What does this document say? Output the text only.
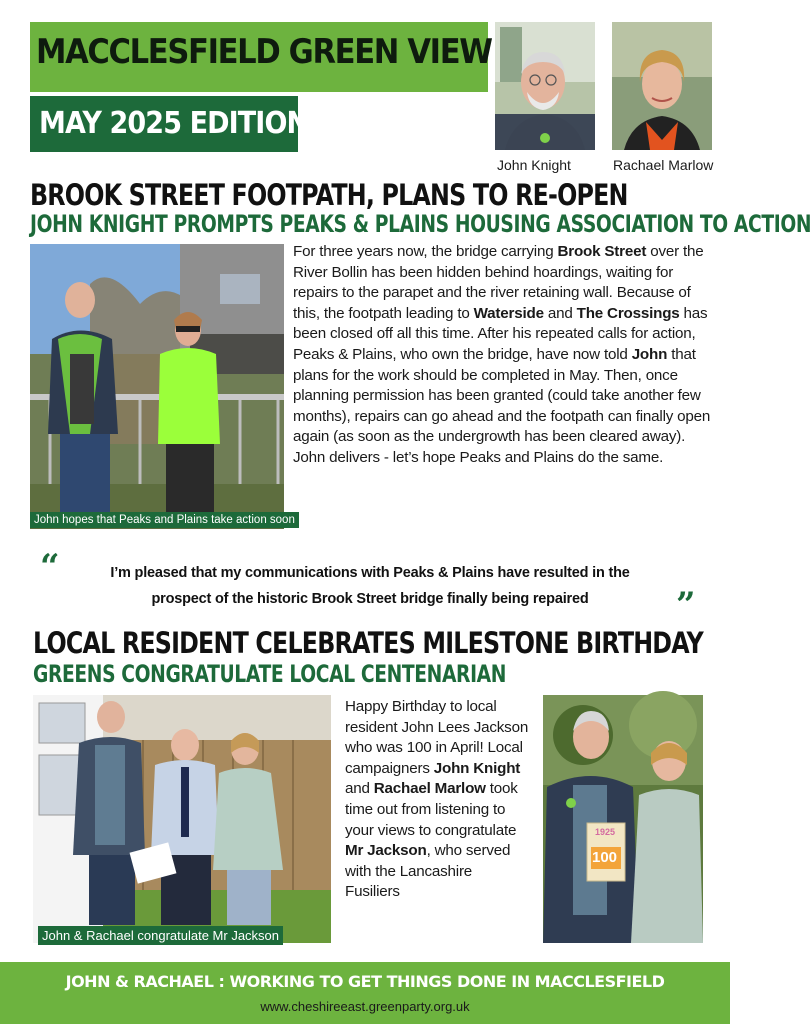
MACCLESFIELD GREEN VIEW
MAY 2025 EDITION
John Knight	Rachael Marlow
BROOK STREET FOOTPATH, PLANS TO RE-OPEN
JOHN KNIGHT PROMPTS PEAKS & PLAINS HOUSING ASSOCIATION TO ACTION
John hopes that Peaks and Plains take action soon
For three years now, the bridge carrying Brook Street over the River Bollin has been hidden behind hoardings, waiting for repairs to the parapet and the river retaining wall. Because of this, the footpath leading to Waterside and The Crossings has been closed off all this time. After his repeated calls for action, Peaks & Plains, who own the bridge, have now told John that plans for the work should be completed in May. Then, once planning permission has been granted (could take another few months), repairs can go ahead and the footpath can finally open again (as soon as the undergrowth has been cleared away). John delivers - let’s hope Peaks and Plains do the same.
“	I’m pleased that my communications with Peaks & Plains have resulted in the
prospect of the historic Brook Street bridge finally being repaired	”
LOCAL RESIDENT CELEBRATES MILESTONE BIRTHDAY
GREENS CONGRATULATE LOCAL CENTENARIAN
John & Rachael congratulate Mr Jackson
Happy Birthday to local resident John Lees Jackson who was 100 in April! Local campaigners John Knight and Rachael Marlow took time out from listening to your views to congratulate Mr Jackson, who served with the Lancashire Fusiliers
1925
100
JOHN & RACHAEL : WORKING TO GET THINGS DONE IN MACCLESFIELD
www.cheshireeast.greenparty.org.uk
